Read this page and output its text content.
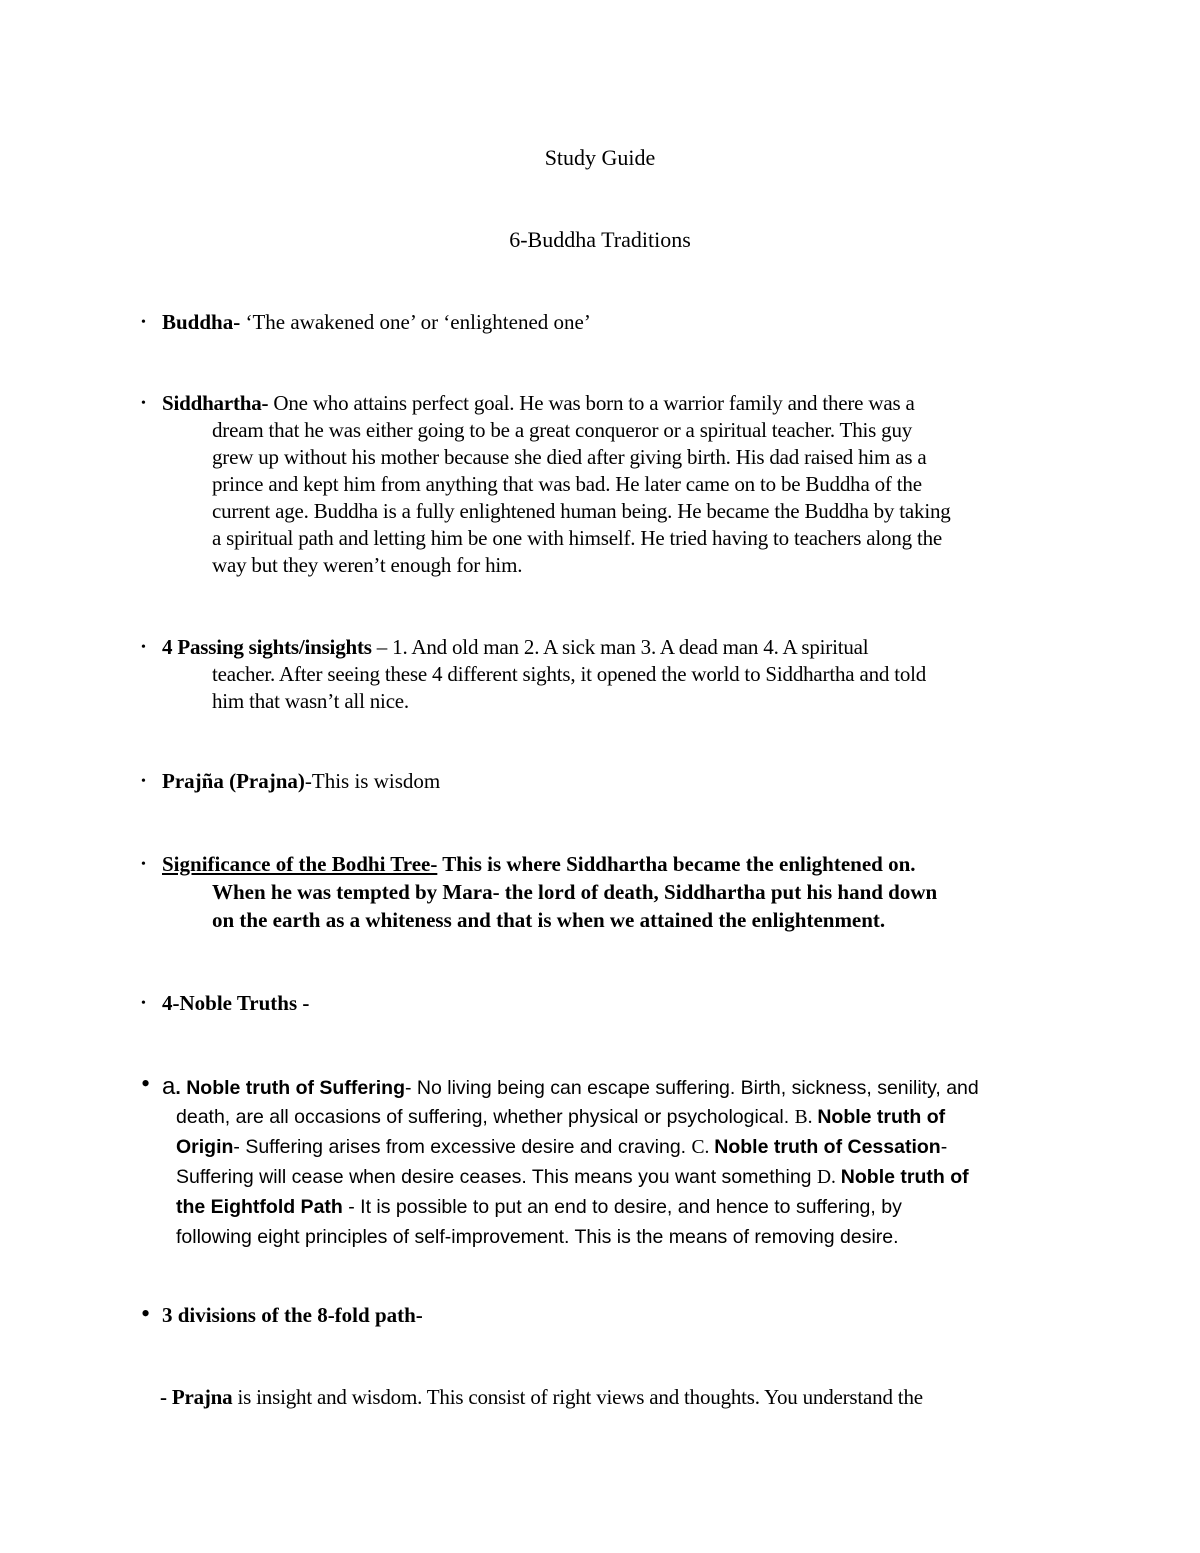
Study Guide
6-Buddha Traditions
• Buddha- ‘The awakened one’ or ‘enlightened one’
• Siddhartha- One who attains perfect goal. He was born to a warrior family and there was a
dream that he was either going to be a great conqueror or a spiritual teacher. This guy
grew up without his mother because she died after giving birth. His dad raised him as a
prince and kept him from anything that was bad. He later came on to be Buddha of the
current age. Buddha is a fully enlightened human being. He became the Buddha by taking
a spiritual path and letting him be one with himself. He tried having to teachers along the
way but they weren’t enough for him.
• 4 Passing sights/insights – 1. And old man 2. A sick man 3. A dead man 4. A spiritual
teacher. After seeing these 4 different sights, it opened the world to Siddhartha and told
him that wasn’t all nice.
• Prajña (Prajna)-This is wisdom
• Significance of the Bodhi Tree- This is where Siddhartha became the enlightened on.
When he was tempted by Mara- the lord of death, Siddhartha put his hand down
on the earth as a whiteness and that is when we attained the enlightenment.
• 4-Noble Truths -
• a. Noble truth of Suffering- No living being can escape suffering. Birth, sickness, senility, and
death, are all occasions of suffering, whether physical or psychological. B. Noble truth of
Origin- Suffering arises from excessive desire and craving. C. Noble truth of Cessation-
Suffering will cease when desire ceases. This means you want something D. Noble truth of
the Eightfold Path - It is possible to put an end to desire, and hence to suffering, by
following eight principles of self-improvement. This is the means of removing desire.
• 3 divisions of the 8-fold path-
- Prajna is insight and wisdom. This consist of right views and thoughts. You understand the
